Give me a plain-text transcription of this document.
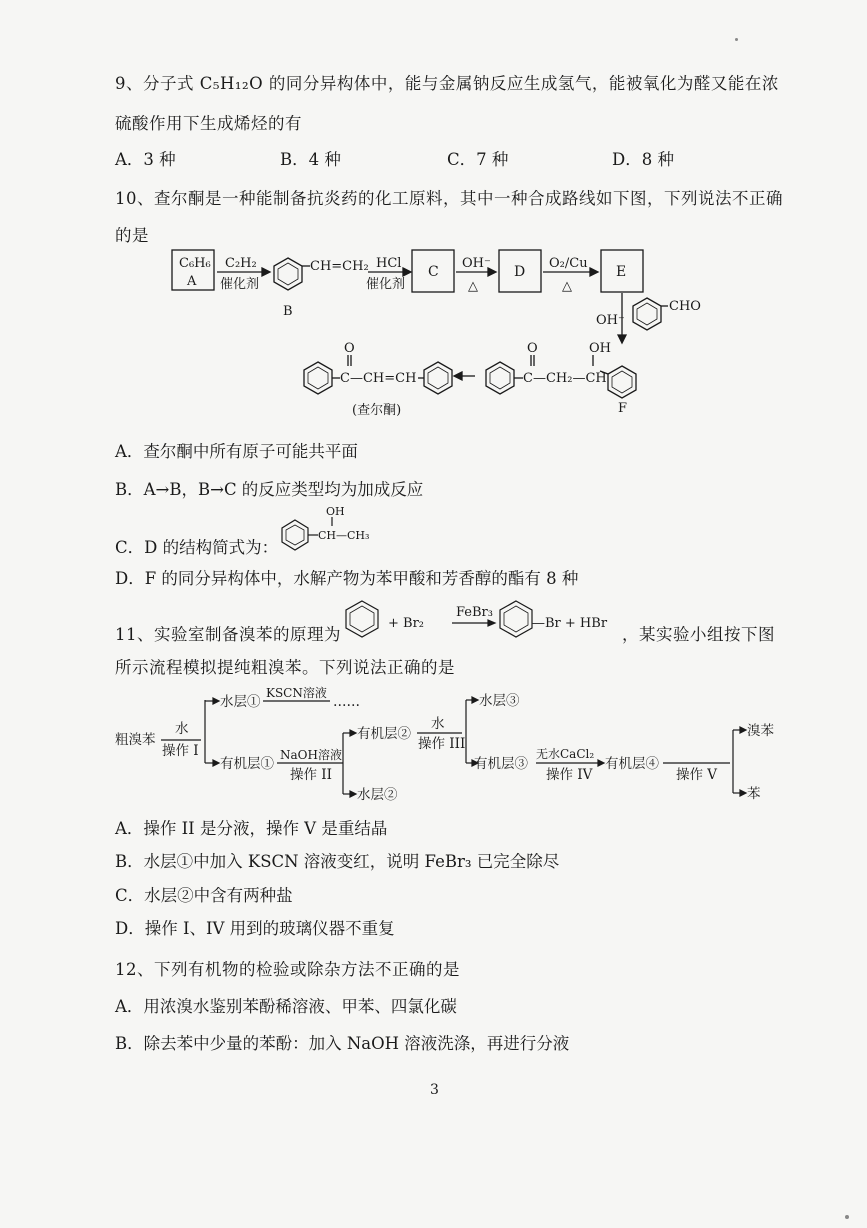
9、分子式 C₅H₁₂O 的同分异构体中，能与金属钠反应生成氢气，能被氧化为醛又能在浓
硫酸作用下生成烯烃的有
A．3 种	B．4 种	C．7 种	D．8 种
10、查尔酮是一种能制备抗炎药的化工原料，其中一种合成路线如下图，下列说法不正确
的是
C₆H₆
A
C₂H₂
催化剂
CH=CH₂
B
HCl
催化剂
C
OH⁻
△
D
O₂/Cu
△
E
OH⁻
CHO
O	OH
C—CH₂—CH
F
O
C—CH=CH
(查尔酮)
A．查尔酮中所有原子可能共平面
B．A→B，B→C 的反应类型均为加成反应
C．D 的结构简式为：
OH
CH—CH₃
D．F 的同分异构体中，水解产物为苯甲酸和芳香醇的酯有 8 种
11、实验室制备溴苯的原理为
+ Br₂
FeBr₃
—Br + HBr
，某实验小组按下图
所示流程模拟提纯粗溴苯。下列说法正确的是
粗溴苯
水
操作 I
水层①
KSCN溶液
……
有机层①
NaOH溶液
操作 II
有机层②
水层②
水
操作 III
水层③
有机层③
无水CaCl₂
操作 IV
有机层④
操作 V
溴苯
苯
A．操作 II 是分液，操作 V 是重结晶
B．水层①中加入 KSCN 溶液变红，说明 FeBr₃ 已完全除尽
C．水层②中含有两种盐
D．操作 I、IV 用到的玻璃仪器不重复
12、下列有机物的检验或除杂方法不正确的是
A．用浓溴水鉴别苯酚稀溶液、甲苯、四氯化碳
B．除去苯中少量的苯酚：加入 NaOH 溶液洗涤，再进行分液
3
